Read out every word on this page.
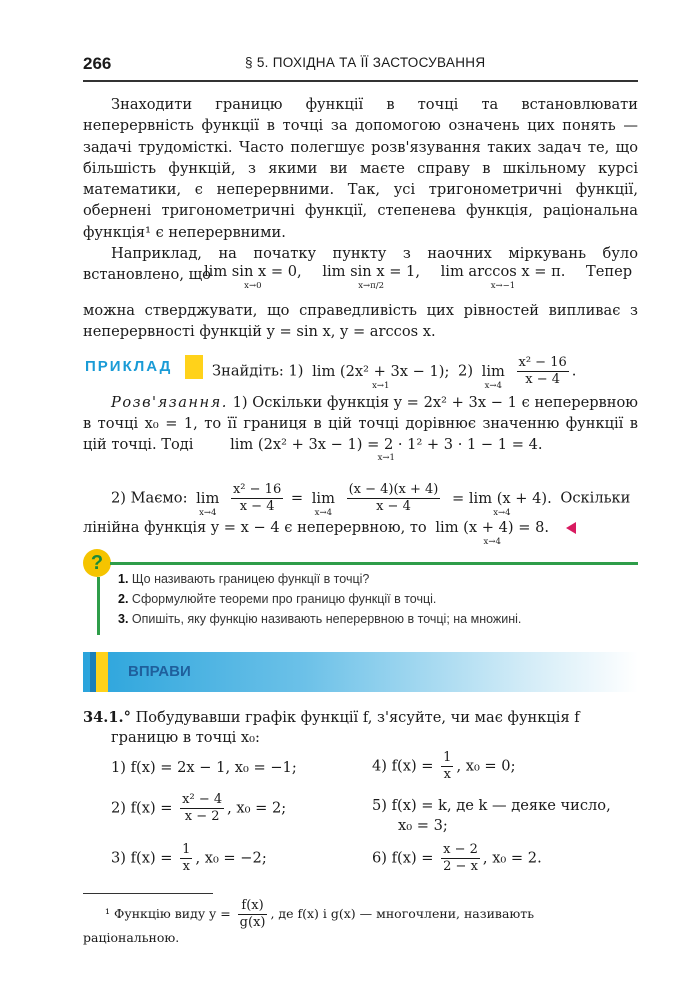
266	§ 5. ПОХІДНА ТА ЇЇ ЗАСТОСУВАННЯ

Знаходити границю функції в точці та встановлювати неперервність функції в точці за допомогою означень цих понять — задачі трудомісткі. Часто полегшує розв'язування таких задач те, що більшість функцій, з якими ви маєте справу в шкільному курсі математики, є неперервними. Так, усі тригонометричні функції, обернені тригонометричні функції, степенева функція, раціональна функція¹ є неперервними.

Наприклад, на початку пункту з наочних міркувань було встановлено, що

lim sin x = 0,
x→0
lim sin x = 1,
x→π/2
lim arccos x = π.
x→−1
Тепер
можна стверджувати, що справедливість цих рівностей випливає з неперервності функцій y = sin x, y = arccos x.
ПРИКЛАД	Знайдіть: 1) lim (2x² + 3x − 1);
x→1
2) lim
x→4
$\frac{\text{x² − 16}}{x - 4}$ .

Розв'язання. 1) Оскільки функція y = 2x² + 3x − 1 є неперервною в точці x₀ = 1, то її границя в цій точці дорівнює значенню функції в цій точці. Тоді	lim (2x² + 3x − 1) = 2 · 1² + 3 · 1 − 1 = 4.
x→1

2) Маємо: lim
x→4
$\frac{\text{x² − 16}}{x - 4} = \lim$
x→4
$\frac{(x - 4)(x + 4)}{x - 4} = \lim (x + 4)$.
x→4
Оскільки
лінійна функція y = x − 4 є неперервною, то lim (x + 4) = 8.
x→4

?
1. Що називають границею функції в точці?
2. Сформулюйте теореми про границю функції в точці.
3. Опишіть, яку функцію називають неперервною в точці; на множині.
ВПРАВИ
34.1.° Побудувавши графік функції f, з'ясуйте, чи має функція f
границю в точці x₀:
1) f(x) = 2x − 1, x₀ = −1;	4) $f(x) = \frac{1}{x}$ , x₀ = 0;
2) $f(x) = \frac{\text{x² − 4}}{x - 2}$ , x₀ = 2;	5) f(x) = k, де k — деяке число,
x₀ = 3;
3) $f(x) = \frac{1}{x}$ , x₀ = −2;	6) $f(x) = \frac{x - 2}{2 - x}$ , x₀ = 2.
¹ Функцію виду $y = \frac{f(x)}{g(x)}$ , де f(x) і g(x) — многочлени, називають
раціональною.
